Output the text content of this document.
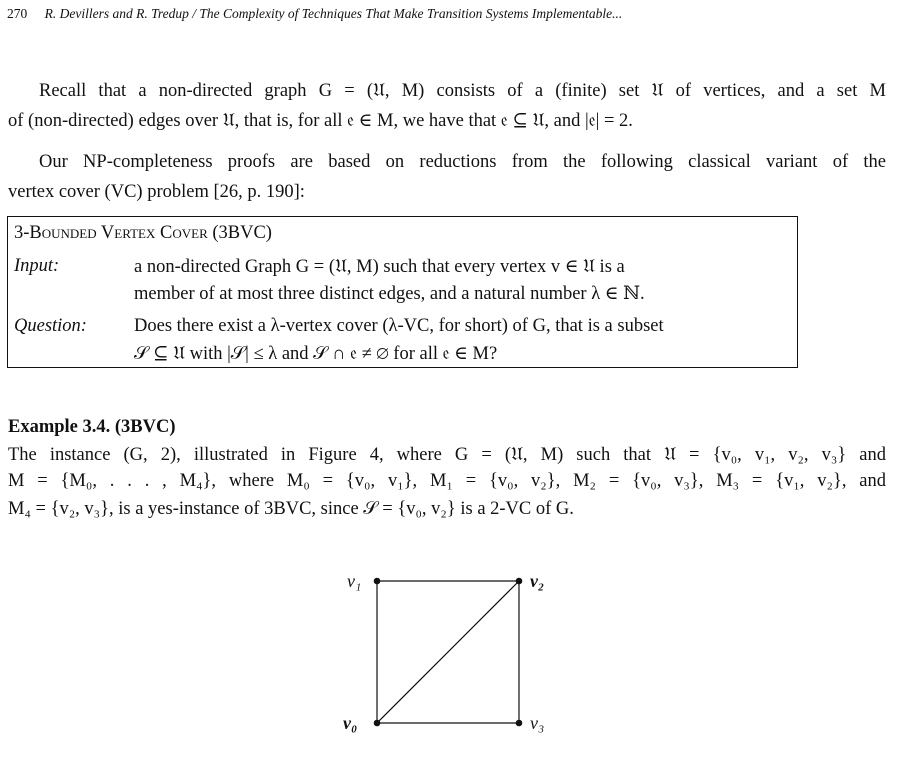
270 R. Devillers and R. Tredup / The Complexity of Techniques That Make Transition Systems Implementable...
Recall that a non-directed graph G = (𝔘, M) consists of a (finite) set 𝔘 of vertices, and a set M
of (non-directed) edges over 𝔘, that is, for all 𝔢 ∈ M, we have that 𝔢 ⊆ 𝔘, and |𝔢| = 2.
Our NP-completeness proofs are based on reductions from the following classical variant of the
vertex cover (VC) problem [26, p. 190]:
3-Bounded Vertex Cover (3BVC)
Input:	a non-directed Graph G = (𝔘, M) such that every vertex v ∈ 𝔘 is a
member of at most three distinct edges, and a natural number λ ∈ ℕ.
Question:	Does there exist a λ-vertex cover (λ-VC, for short) of G, that is a subset
𝒮 ⊆ 𝔘 with |𝒮| ≤ λ and 𝒮 ∩ 𝔢 ≠ ∅ for all 𝔢 ∈ M?
Example 3.4. (3BVC)
The instance (G, 2), illustrated in Figure 4, where G = (𝔘, M) such that 𝔘 = {v₀, v₁, v₂, v₃} and
M = {M₀, . . . , M₄}, where M₀ = {v₀, v₁}, M₁ = {v₀, v₂}, M₂ = {v₀, v₃}, M₃ = {v₁, v₂}, and
M₄ = {v₂, v₃}, is a yes-instance of 3BVC, since 𝒮 = {v₀, v₂} is a 2-VC of G.
v₁	v₂
v₀	v₃
